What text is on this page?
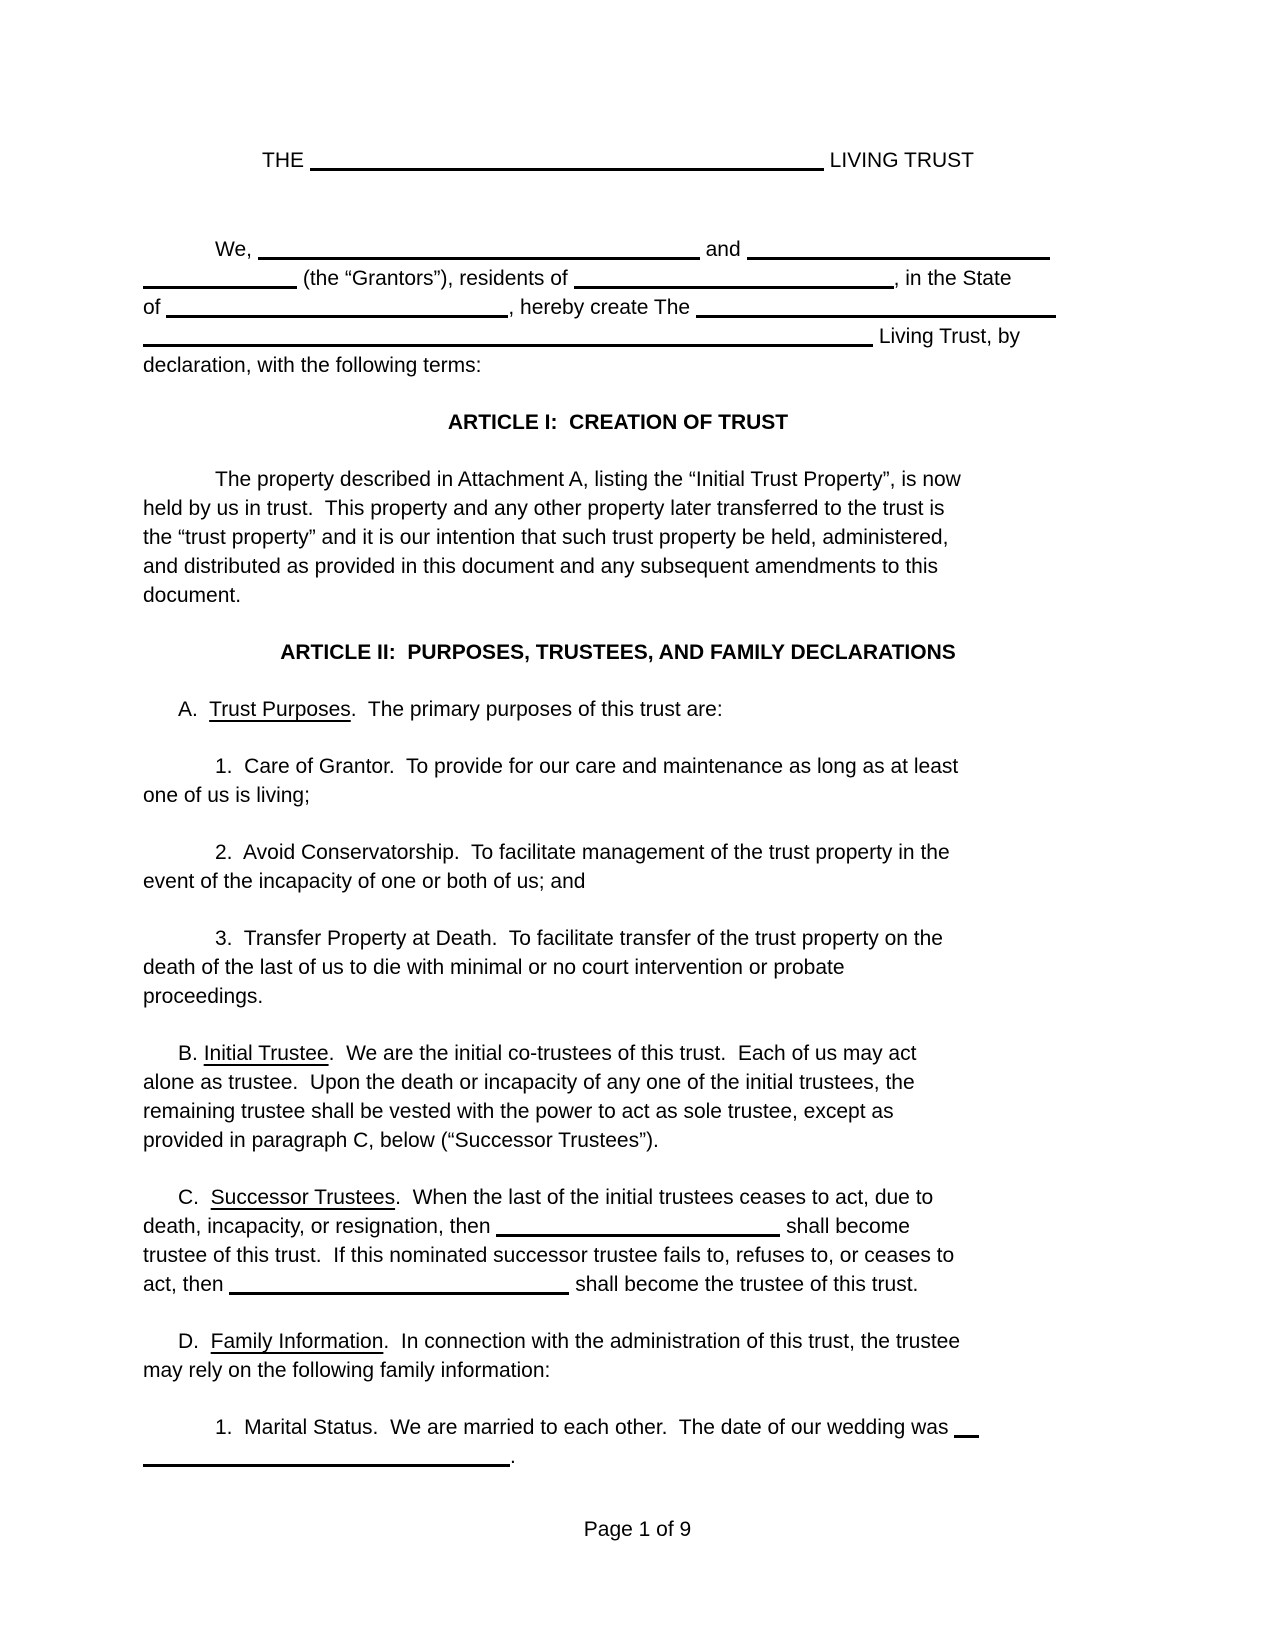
THE	LIVING TRUST
We,	and
(the “Grantors”), residents of	, in the State
of	, hereby create The
Living Trust, by
declaration, with the following terms:
ARTICLE I:  CREATION OF TRUST
The property described in Attachment A, listing the “Initial Trust Property”, is now
held by us in trust.  This property and any other property later transferred to the trust is
the “trust property” and it is our intention that such trust property be held, administered,
and distributed as provided in this document and any subsequent amendments to this
document.
ARTICLE II:  PURPOSES, TRUSTEES, AND FAMILY DECLARATIONS
A.  Trust Purposes.  The primary purposes of this trust are:
1.  Care of Grantor.  To provide for our care and maintenance as long as at least
one of us is living;
2.  Avoid Conservatorship.  To facilitate management of the trust property in the
event of the incapacity of one or both of us; and
3.  Transfer Property at Death.  To facilitate transfer of the trust property on the
death of the last of us to die with minimal or no court intervention or probate
proceedings.
B. Initial Trustee.  We are the initial co-trustees of this trust.  Each of us may act
alone as trustee.  Upon the death or incapacity of any one of the initial trustees, the
remaining trustee shall be vested with the power to act as sole trustee, except as
provided in paragraph C, below (“Successor Trustees”).
C.  Successor Trustees.  When the last of the initial trustees ceases to act, due to
death, incapacity, or resignation, then	shall become
trustee of this trust.  If this nominated successor trustee fails to, refuses to, or ceases to
act, then	shall become the trustee of this trust.
D.  Family Information.  In connection with the administration of this trust, the trustee
may rely on the following family information:
1.  Marital Status.  We are married to each other.  The date of our wedding was
.
Page 1 of 9
